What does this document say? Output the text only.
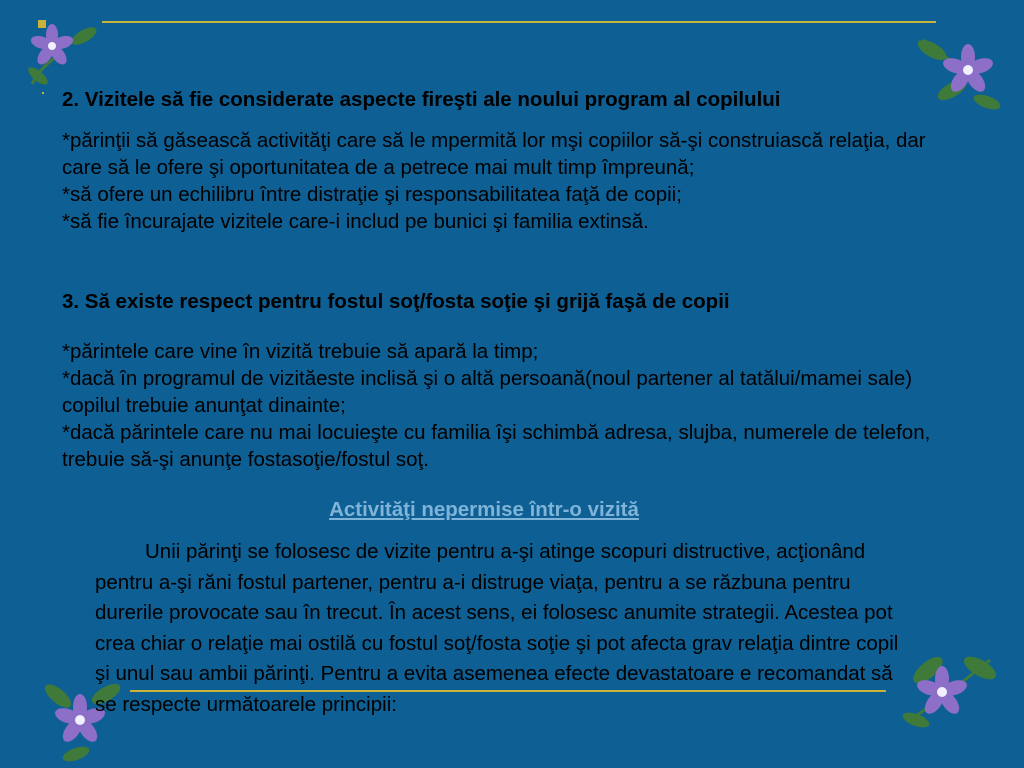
2. Vizitele să fie considerate aspecte fireşti ale noului program al copilului
*părinţii să găsească activităţi care să le mpermită lor mşi copiilor să-şi construiască relaţia, dar care să le ofere şi oportunitatea de a petrece mai mult timp împreună;
*să ofere un echilibru între distraţie şi responsabilitatea faţă de copii;
*să fie încurajate vizitele care-i includ pe bunici şi familia extinsă.
3. Să existe respect pentru fostul soţ/fosta soţie şi grijă faşă de copii
*părintele care vine în vizită trebuie să apară la timp;
*dacă în programul de vizităeste inclisă şi o altă persoană(noul partener al tatălui/mamei sale) copilul trebuie anunţat dinainte;
*dacă părintele care nu mai locuieşte cu familia îşi schimbă adresa, slujba, numerele de telefon, trebuie să-şi anunţe fostasoţie/fostul soţ.
Activităţi nepermise într-o vizită
Unii părinţi se folosesc de vizite pentru a-şi atinge scopuri distructive, acţionând pentru a-şi răni fostul partener, pentru a-i distruge viaţa, pentru a se răzbuna pentru durerile provocate sau în trecut. În acest sens, ei folosesc anumite strategii. Acestea pot crea chiar o relaţie mai ostilă cu fostul soţ/fosta soţie şi pot afecta grav relaţia dintre copil şi unul sau ambii părinţi. Pentru a evita asemenea efecte devastatoare e recomandat să se respecte următoarele principii:
